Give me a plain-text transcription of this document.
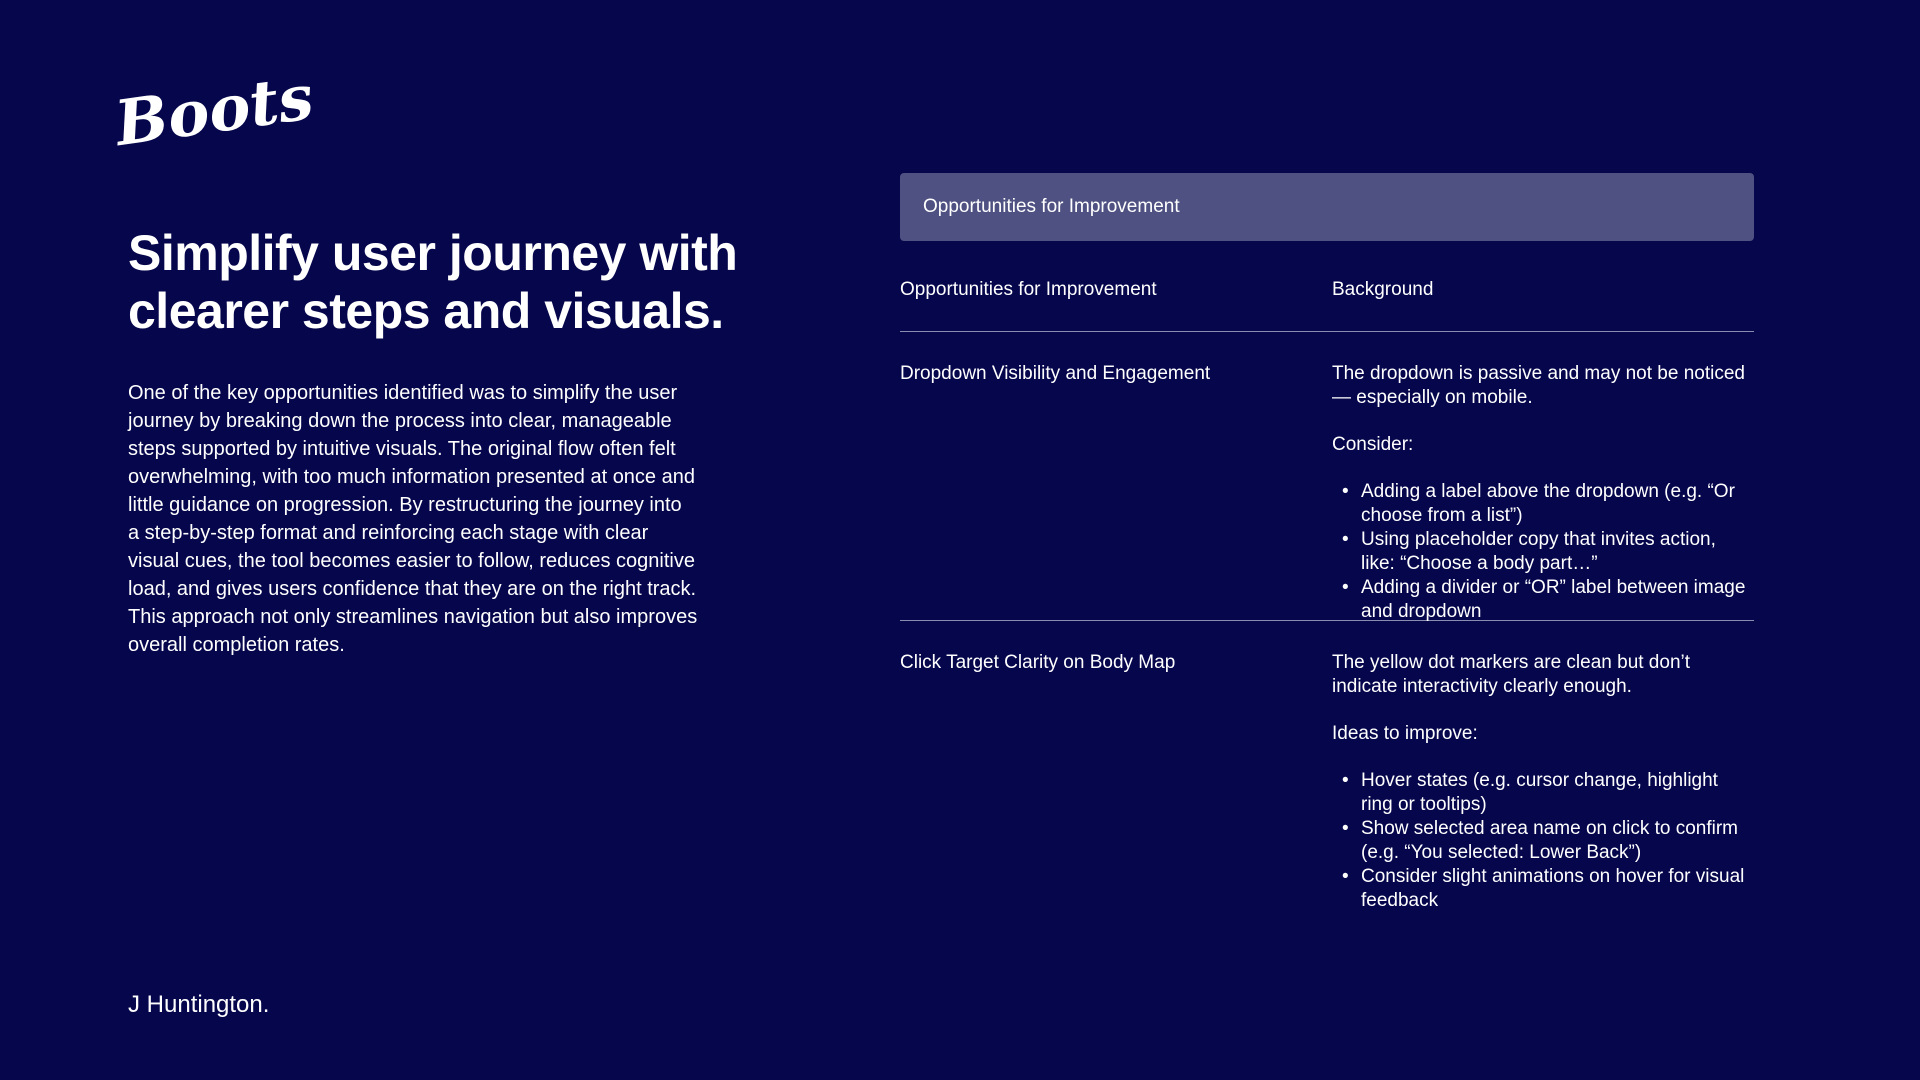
Boots
Simplify user journey with clearer steps and visuals.

One of the key opportunities identified was to simplify the user journey by breaking down the process into clear, manageable steps supported by intuitive visuals. The original flow often felt overwhelming, with too much information presented at once and little guidance on progression. By restructuring the journey into a step-by-step format and reinforcing each stage with clear visual cues, the tool becomes easier to follow, reduces cognitive load, and gives users confidence that they are on the right track. This approach not only streamlines navigation but also improves overall completion rates.

J Huntington.
Opportunities for Improvement
Opportunities for Improvement	Background
Dropdown Visibility and Engagement	The dropdown is passive and may not be noticed — especially on mobile.

Consider:

• Adding a label above the dropdown (e.g. “Or choose from a list”)
• Using placeholder copy that invites action, like: “Choose a body part…”
• Adding a divider or “OR” label between image and dropdown
Click Target Clarity on Body Map	The yellow dot markers are clean but don’t indicate interactivity clearly enough.

Ideas to improve:

• Hover states (e.g. cursor change, highlight ring or tooltips)
• Show selected area name on click to confirm (e.g. “You selected: Lower Back”)
• Consider slight animations on hover for visual feedback
